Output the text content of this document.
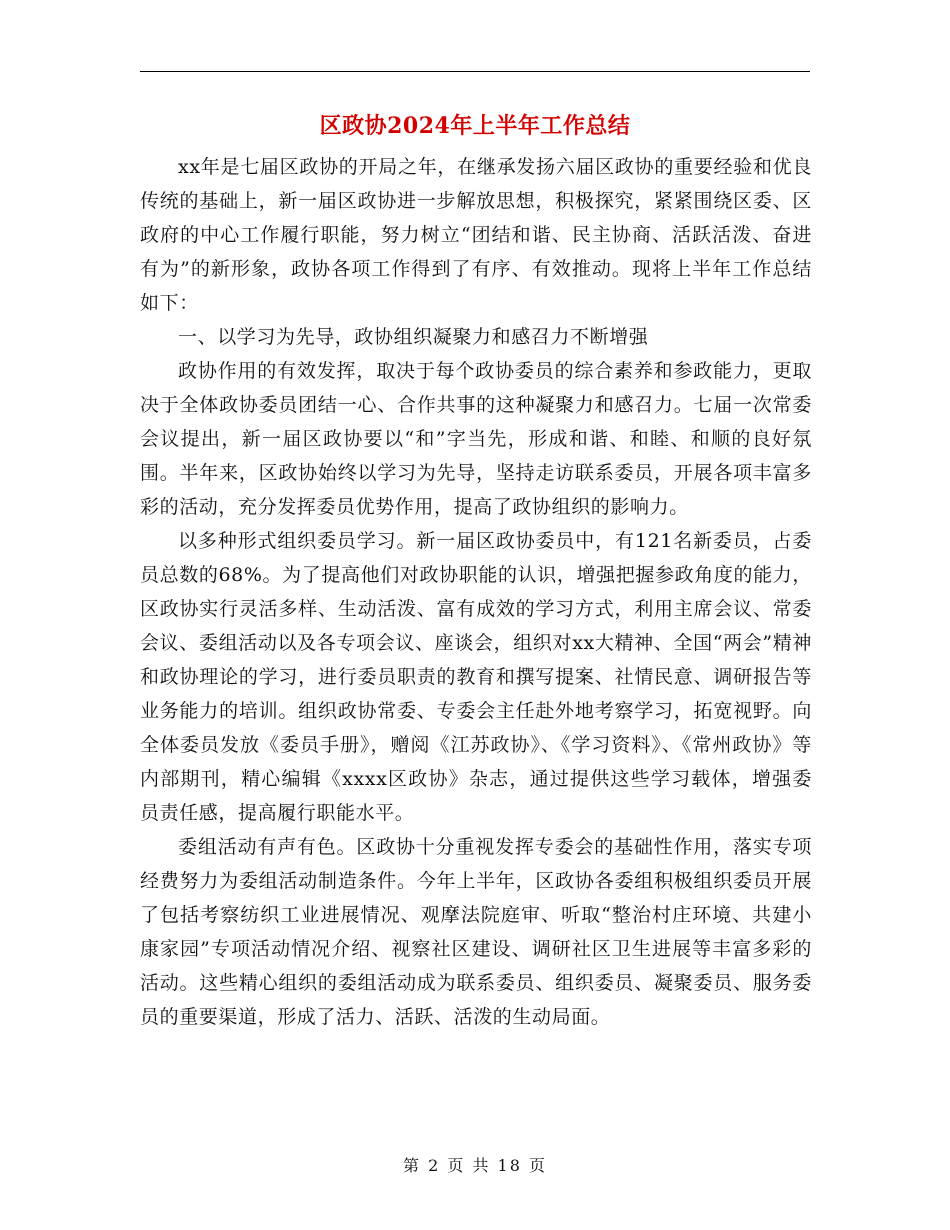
区政协2024年上半年工作总结

xx年是七届区政协的开局之年，在继承发扬六届区政协的重要经验和优良传统的基础上，新一届区政协进一步解放思想，积极探究，紧紧围绕区委、区政府的中心工作履行职能，努力树立“团结和谐、民主协商、活跃活泼、奋进有为”的新形象，政协各项工作得到了有序、有效推动。现将上半年工作总结如下：

一、以学习为先导，政协组织凝聚力和感召力不断增强

政协作用的有效发挥，取决于每个政协委员的综合素养和参政能力，更取决于全体政协委员团结一心、合作共事的这种凝聚力和感召力。七届一次常委会议提出，新一届区政协要以“和”字当先，形成和谐、和睦、和顺的良好氛围。半年来，区政协始终以学习为先导，坚持走访联系委员，开展各项丰富多彩的活动，充分发挥委员优势作用，提高了政协组织的影响力。

以多种形式组织委员学习。新一届区政协委员中，有121名新委员，占委员总数的68%。为了提高他们对政协职能的认识，增强把握参政角度的能力，区政协实行灵活多样、生动活泼、富有成效的学习方式，利用主席会议、常委会议、委组活动以及各专项会议、座谈会，组织对xx大精神、全国“两会”精神和政协理论的学习，进行委员职责的教育和撰写提案、社情民意、调研报告等业务能力的培训。组织政协常委、专委会主任赴外地考察学习，拓宽视野。向全体委员发放《委员手册》，赠阅《江苏政协》、《学习资料》、《常州政协》等内部期刊，精心编辑《xxxx区政协》杂志，通过提供这些学习载体，增强委员责任感，提高履行职能水平。

委组活动有声有色。区政协十分重视发挥专委会的基础性作用，落实专项经费努力为委组活动制造条件。今年上半年，区政协各委组积极组织委员开展了包括考察纺织工业进展情况、观摩法院庭审、听取“整治村庄环境、共建小康家园”专项活动情况介绍、视察社区建设、调研社区卫生进展等丰富多彩的活动。这些精心组织的委组活动成为联系委员、组织委员、凝聚委员、服务委员的重要渠道，形成了活力、活跃、活泼的生动局面。

第 2 页 共 18 页
